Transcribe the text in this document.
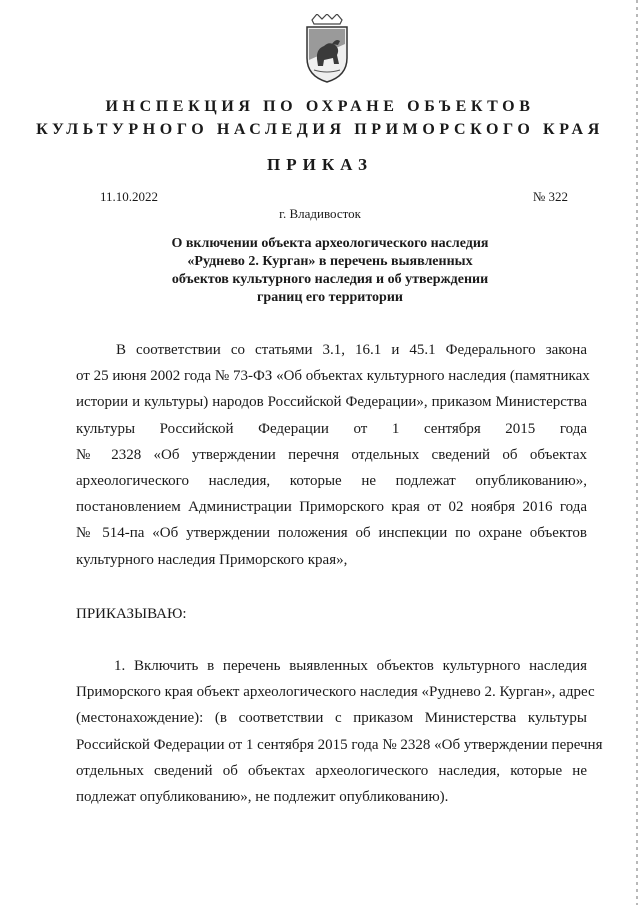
ИНСПЕКЦИЯ ПО ОХРАНЕ ОБЪЕКТОВ
КУЛЬТУРНОГО НАСЛЕДИЯ ПРИМОРСКОГО КРАЯ
ПРИКАЗ
11.10.2022	№ 322
г. Владивосток
О включении объекта археологического наследия
«Руднево 2. Курган» в перечень выявленных
объектов культурного наследия и об утверждении
границ его территории
В соответствии со статьями 3.1, 16.1 и 45.1 Федерального закона
от 25 июня 2002 года № 73-ФЗ «Об объектах культурного наследия (памятниках
истории и культуры) народов Российской Федерации», приказом Министерства
культуры Российской Федерации от 1 сентября 2015 года
№ 2328 «Об утверждении перечня отдельных сведений об объектах
археологического наследия, которые не подлежат опубликованию»,
постановлением Администрации Приморского края от 02 ноября 2016 года
№ 514-па «Об утверждении положения об инспекции по охране объектов
культурного наследия Приморского края»,
ПРИКАЗЫВАЮ:
1. Включить в перечень выявленных объектов культурного наследия
Приморского края объект археологического наследия «Руднево 2. Курган», адрес
(местонахождение): (в соответствии с приказом Министерства культуры
Российской Федерации от 1 сентября 2015 года № 2328 «Об утверждении перечня
отдельных сведений об объектах археологического наследия, которые не
подлежат опубликованию», не подлежит опубликованию).
